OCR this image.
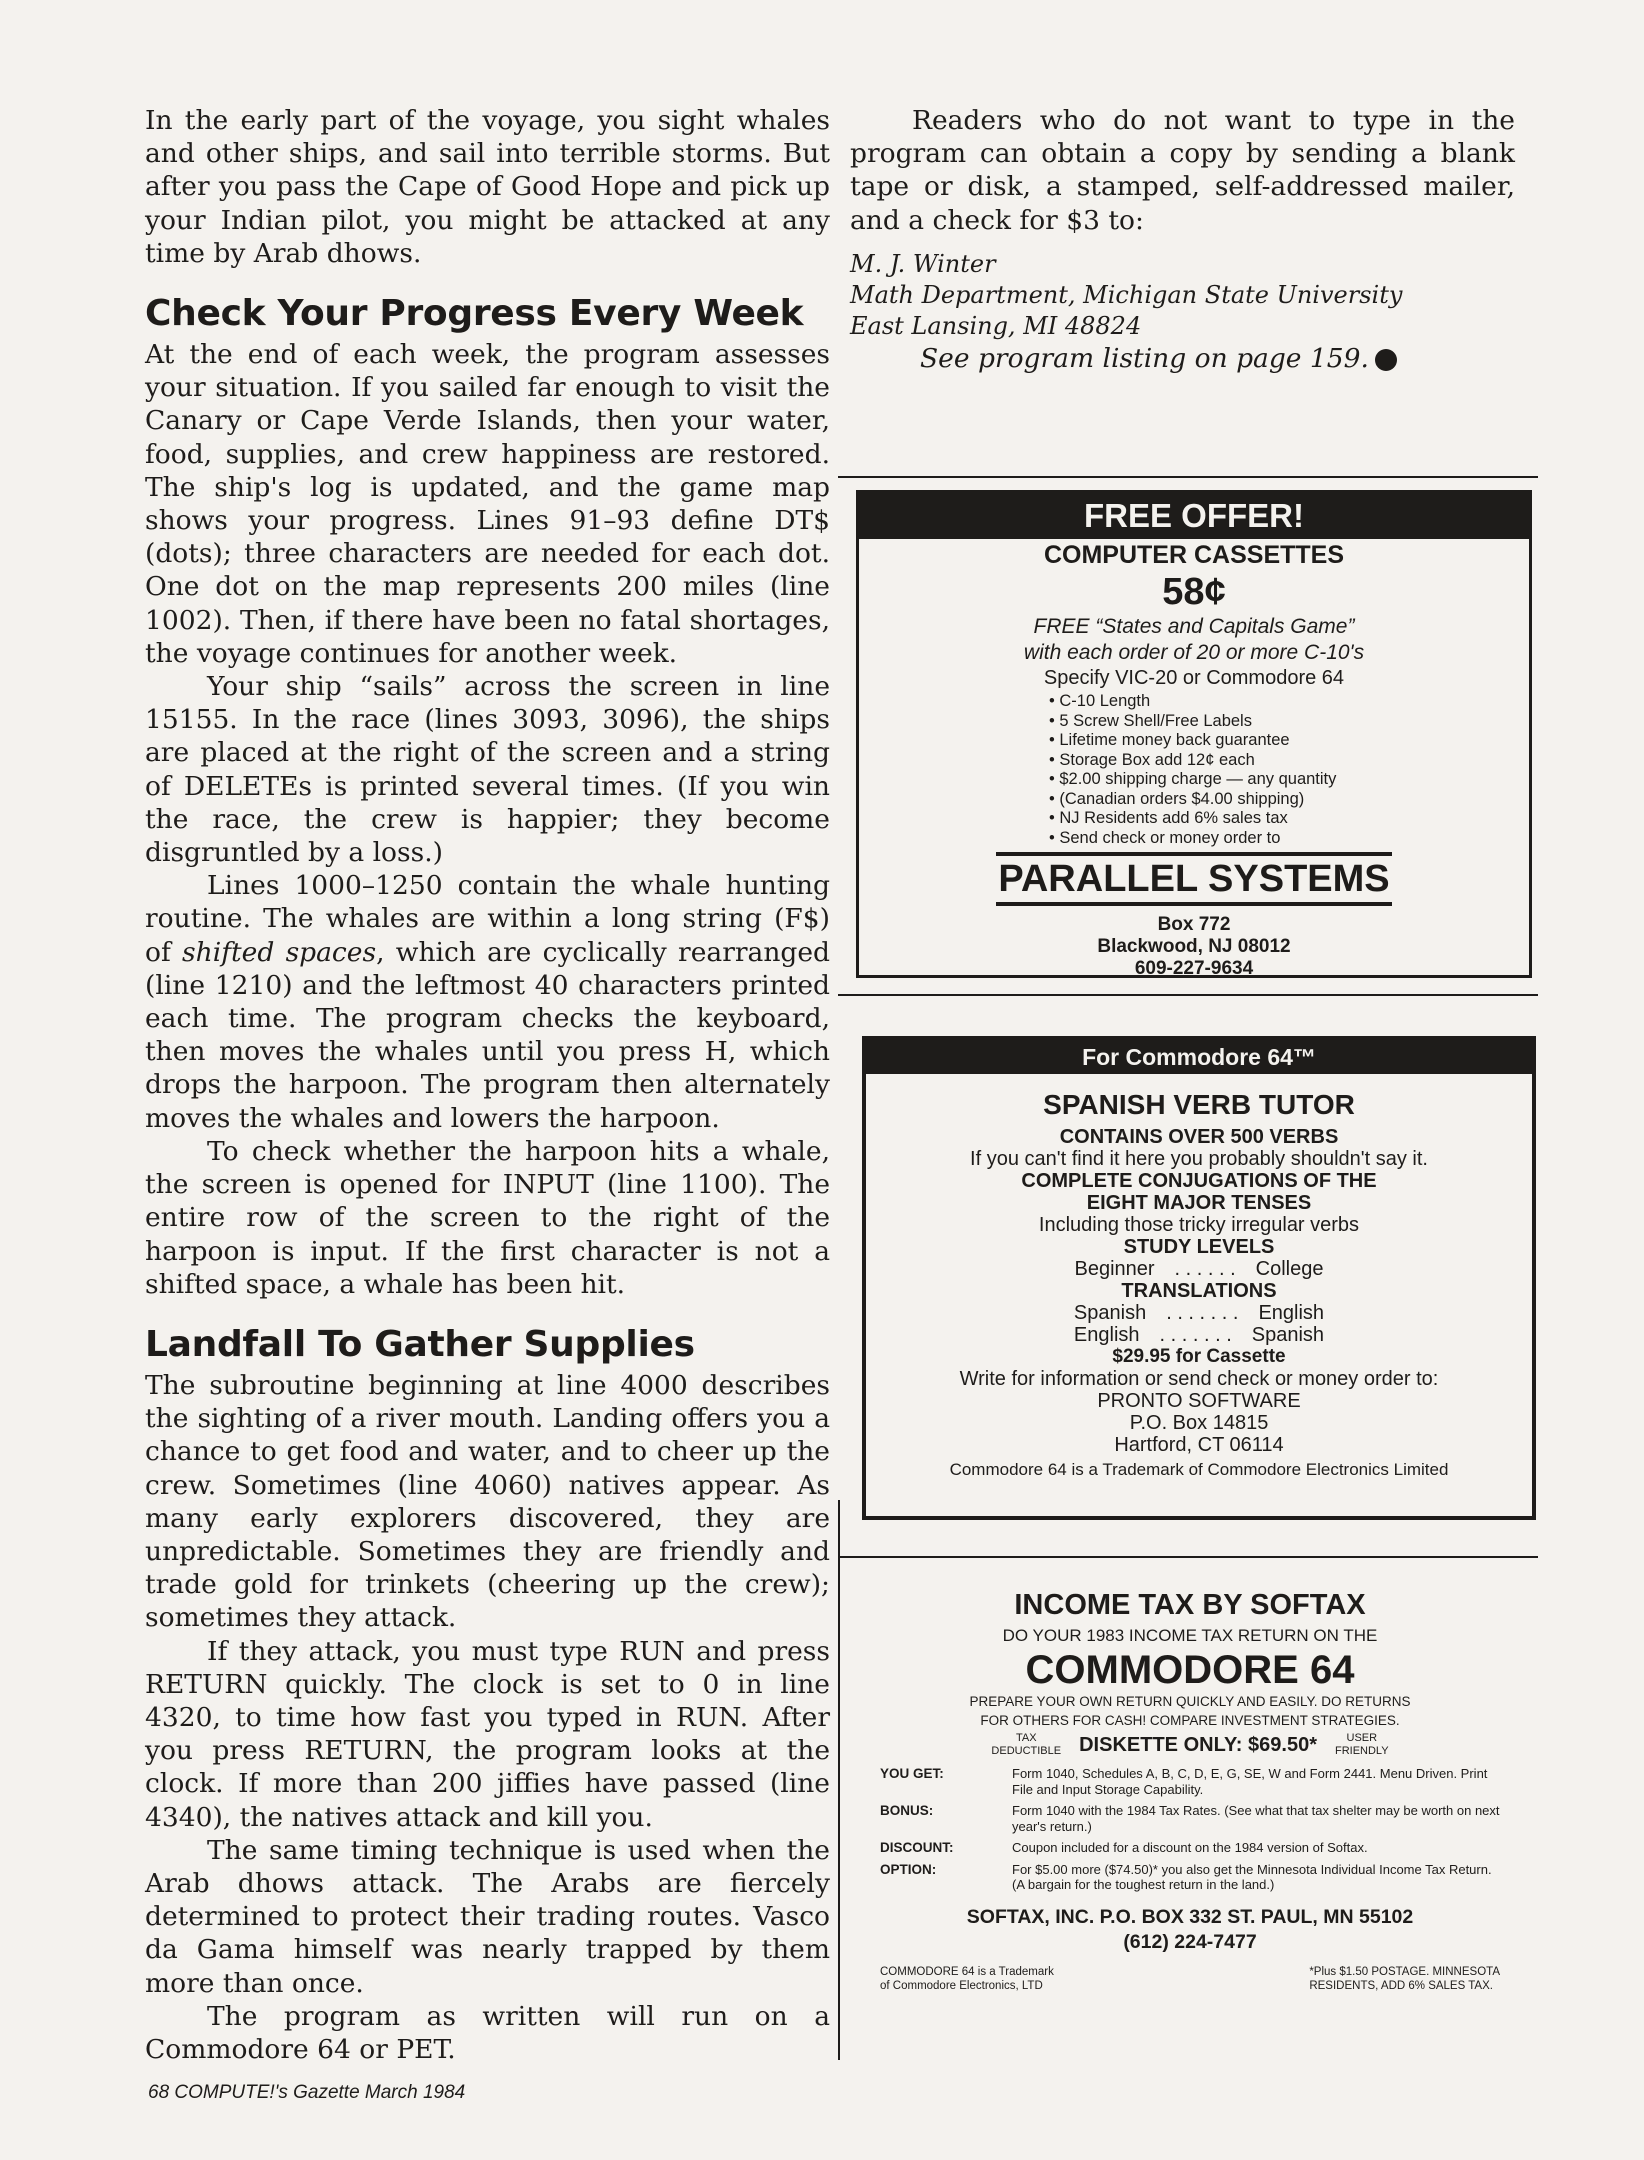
In the early part of the voyage, you sight whales and other ships, and sail into terrible storms. But after you pass the Cape of Good Hope and pick up your Indian pilot, you might be attacked at any time by Arab dhows.

Check Your Progress Every Week

At the end of each week, the program assesses your situation. If you sailed far enough to visit the Canary or Cape Verde Islands, then your water, food, supplies, and crew happiness are restored. The ship's log is updated, and the game map shows your progress. Lines 91–93 define DT$ (dots); three characters are needed for each dot. One dot on the map represents 200 miles (line 1002). Then, if there have been no fatal shortages, the voyage continues for another week.

Your ship “sails” across the screen in line 15155. In the race (lines 3093, 3096), the ships are placed at the right of the screen and a string of DELETEs is printed several times. (If you win the race, the crew is happier; they become disgruntled by a loss.)

Lines 1000–1250 contain the whale hunting routine. The whales are within a long string (F$) of shifted spaces, which are cyclically rearranged (line 1210) and the leftmost 40 characters printed each time. The program checks the keyboard, then moves the whales until you press H, which drops the harpoon. The program then alternately moves the whales and lowers the harpoon.

To check whether the harpoon hits a whale, the screen is opened for INPUT (line 1100). The entire row of the screen to the right of the harpoon is input. If the first character is not a shifted space, a whale has been hit.

Landfall To Gather Supplies

The subroutine beginning at line 4000 describes the sighting of a river mouth. Landing offers you a chance to get food and water, and to cheer up the crew. Sometimes (line 4060) natives appear. As many early explorers discovered, they are unpredictable. Sometimes they are friendly and trade gold for trinkets (cheering up the crew); sometimes they attack.

If they attack, you must type RUN and press RETURN quickly. The clock is set to 0 in line 4320, to time how fast you typed in RUN. After you press RETURN, the program looks at the clock. If more than 200 jiffies have passed (line 4340), the natives attack and kill you.

The same timing technique is used when the Arab dhows attack. The Arabs are fiercely determined to protect their trading routes. Vasco da Gama himself was nearly trapped by them more than once.

The program as written will run on a Commodore 64 or PET.

68 COMPUTE!'s Gazette March 1984

Readers who do not want to type in the program can obtain a copy by sending a blank tape or disk, a stamped, self-addressed mailer, and a check for $3 to:

M. J. Winter
Math Department, Michigan State University
East Lansing, MI 48824

See program listing on page 159.

FREE OFFER!
COMPUTER CASSETTES
58¢
FREE “States and Capitals Game”
with each order of 20 or more C-10's
Specify VIC-20 or Commodore 64
• C-10 Length
• 5 Screw Shell/Free Labels
• Lifetime money back guarantee
• Storage Box add 12¢ each
• $2.00 shipping charge — any quantity
• (Canadian orders $4.00 shipping)
• NJ Residents add 6% sales tax
• Send check or money order to
PARALLEL SYSTEMS
Box 772
Blackwood, NJ 08012
609-227-9634
For Commodore 64™
SPANISH VERB TUTOR
CONTAINS OVER 500 VERBS
If you can't find it here you probably shouldn't say it.
COMPLETE CONJUGATIONS OF THE
EIGHT MAJOR TENSES
Including those tricky irregular verbs
STUDY LEVELS
Beginner . . . . . . College
TRANSLATIONS
Spanish . . . . . . . English
English . . . . . . . Spanish
$29.95 for Cassette
Write for information or send check or money order to:
PRONTO SOFTWARE
P.O. Box 14815
Hartford, CT 06114
Commodore 64 is a Trademark of Commodore Electronics Limited
INCOME TAX BY SOFTAX
DO YOUR 1983 INCOME TAX RETURN ON THE
COMMODORE 64
PREPARE YOUR OWN RETURN QUICKLY AND EASILY. DO RETURNS
FOR OTHERS FOR CASH! COMPARE INVESTMENT STRATEGIES.
TAX
DEDUCTIBLE DISKETTE ONLY: $69.50*	USER
FRIENDLY
YOU GET:	Form 1040, Schedules A, B, C, D, E, G, SE, W and Form 2441. Menu Driven. Print File and Input Storage Capability.
BONUS:	Form 1040 with the 1984 Tax Rates. (See what that tax shelter may be worth on next year's return.)
DISCOUNT:	Coupon included for a discount on the 1984 version of Softax.
OPTION:	For $5.00 more ($74.50)* you also get the Minnesota Individual Income Tax Return. (A bargain for the toughest return in the land.)
SOFTAX, INC. P.O. BOX 332 ST. PAUL, MN 55102
(612) 224-7477
COMMODORE 64 is a Trademark
of Commodore Electronics, LTD
*Plus $1.50 POSTAGE. MINNESOTA
RESIDENTS, ADD 6% SALES TAX.
